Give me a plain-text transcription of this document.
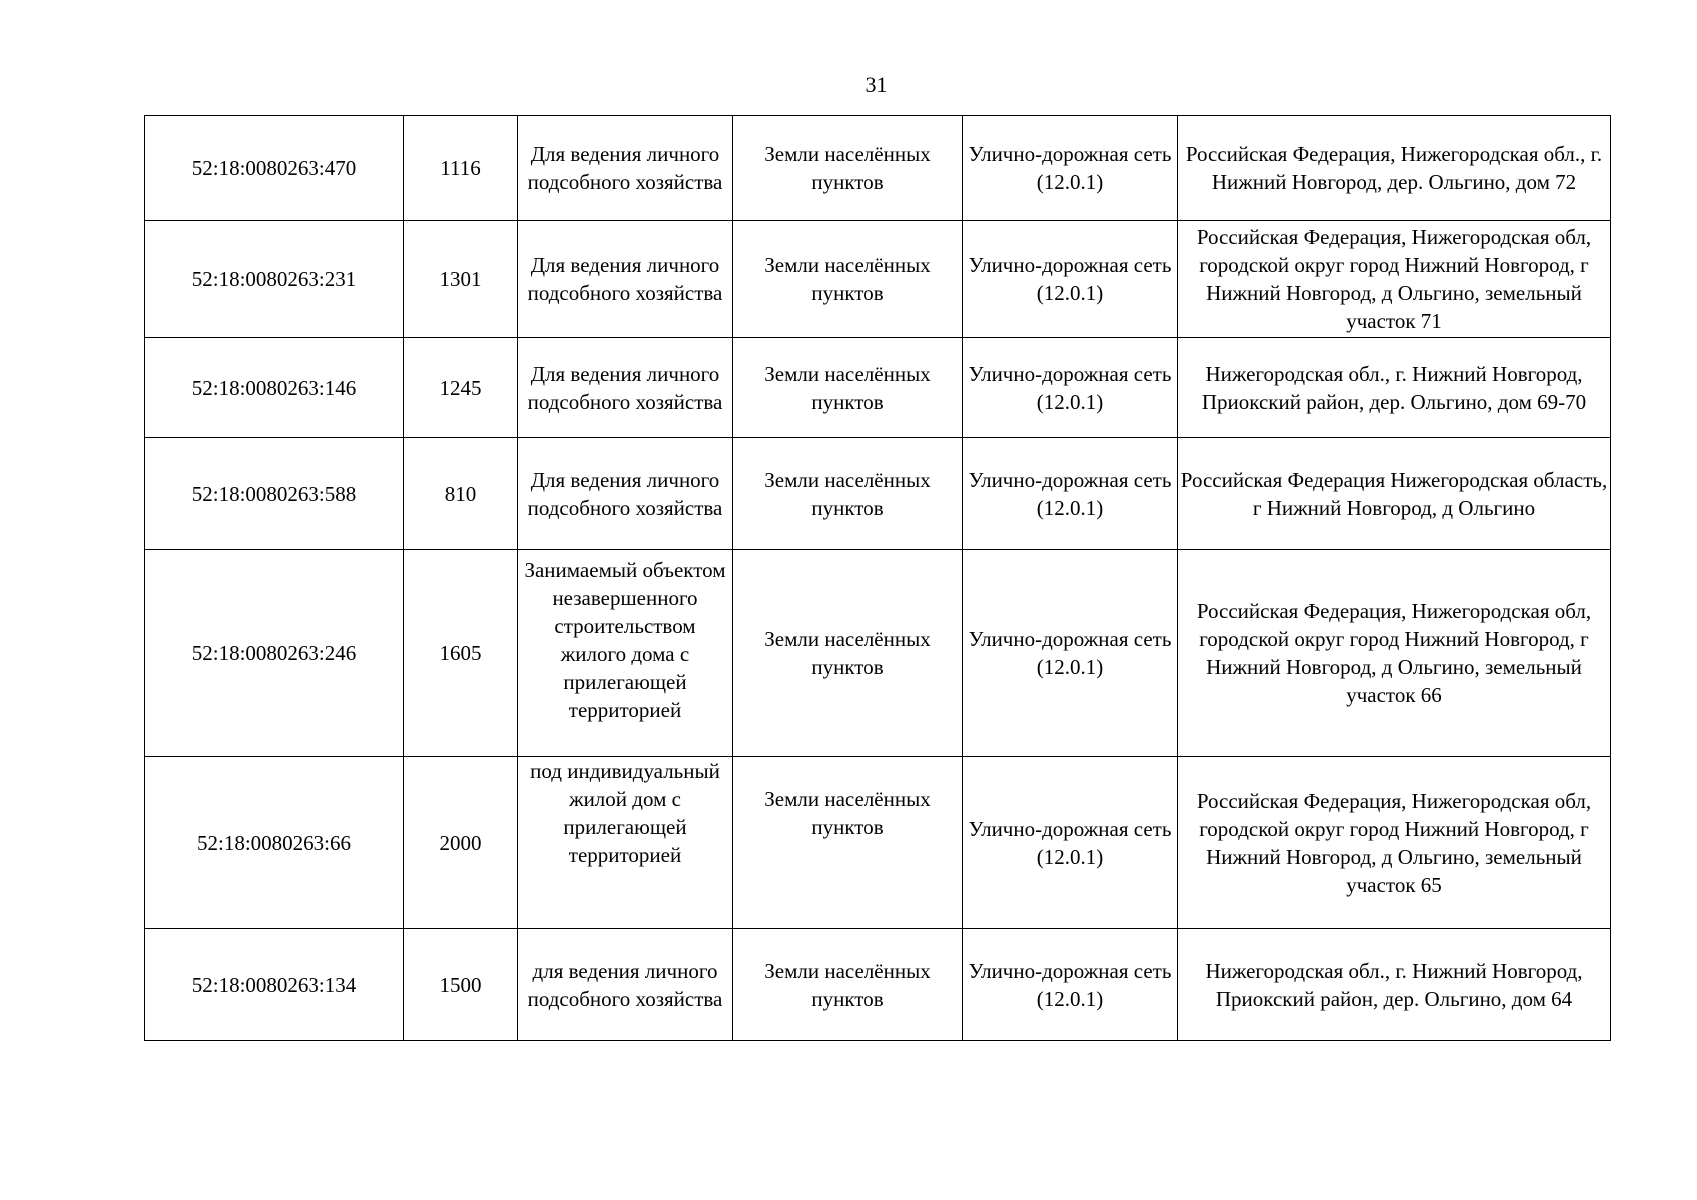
31
52:18:0080263:470	1116	Для ведения личного подсобного хозяйства	Земли населённых пунктов	Улично-дорожная сеть (12.0.1)	Российская Федерация, Нижегородская обл., г. Нижний Новгород, дер. Ольгино, дом 72
52:18:0080263:231	1301	Для ведения личного подсобного хозяйства	Земли населённых пунктов	Улично-дорожная сеть (12.0.1)	Российская Федерация, Нижегородская обл, городской округ город Нижний Новгород, г Нижний Новгород, д Ольгино, земельный участок 71
52:18:0080263:146	1245	Для ведения личного подсобного хозяйства	Земли населённых пунктов	Улично-дорожная сеть (12.0.1)	Нижегородская обл., г. Нижний Новгород, Приокский район, дер. Ольгино, дом 69-70
52:18:0080263:588	810	Для ведения личного подсобного хозяйства	Земли населённых пунктов	Улично-дорожная сеть (12.0.1)	Российская Федерация Нижегородская область, г Нижний Новгород, д Ольгино
52:18:0080263:246	1605	Занимаемый объектом незавершенного строительством жилого дома с прилегающей территорией	Земли населённых пунктов	Улично-дорожная сеть (12.0.1)	Российская Федерация, Нижегородская обл, городской округ город Нижний Новгород, г Нижний Новгород, д Ольгино, земельный участок 66
52:18:0080263:66	2000	под индивидуальный жилой дом с прилегающей территорией	Земли населённых пунктов	Улично-дорожная сеть (12.0.1)	Российская Федерация, Нижегородская обл, городской округ город Нижний Новгород, г Нижний Новгород, д Ольгино, земельный участок 65
52:18:0080263:134	1500	для ведения личного подсобного хозяйства	Земли населённых пунктов	Улично-дорожная сеть (12.0.1)	Нижегородская обл., г. Нижний Новгород, Приокский район, дер. Ольгино, дом 64
